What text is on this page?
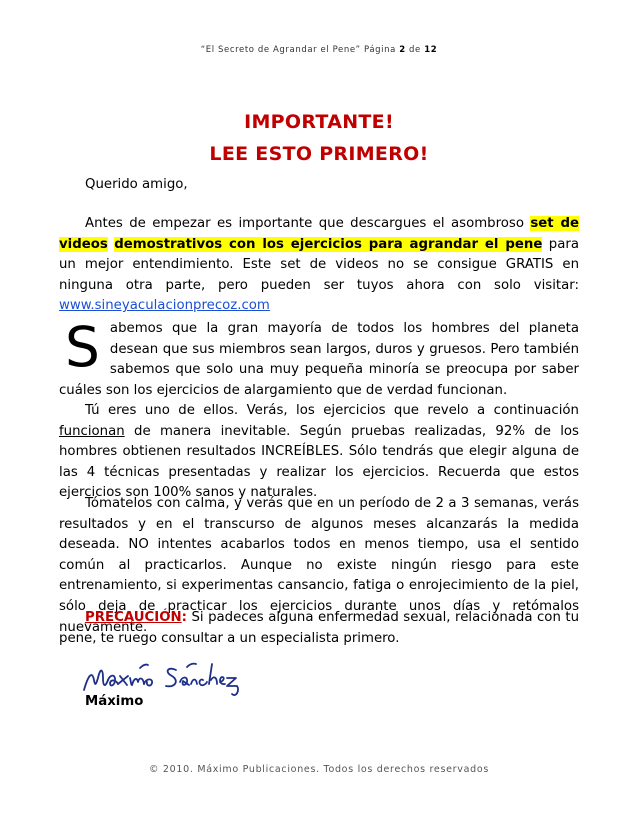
“El Secreto de Agrandar el Pene” Página 2 de 12
IMPORTANTE!
LEE ESTO PRIMERO!
Querido amigo,

Antes de empezar es importante que descargues el asombroso set de videos demostrativos con los ejercicios para agrandar el pene para un mejor entendimiento. Este set de videos no se consigue GRATIS en ninguna otra parte, pero pueden ser tuyos ahora con solo visitar: www.sineyaculacionprecoz.com

Sabemos que la gran mayoría de todos los hombres del planeta desean que sus miembros sean largos, duros y gruesos. Pero también sabemos que solo una muy pequeña minoría se preocupa por saber cuáles son los ejercicios de alargamiento que de verdad funcionan.

Tú eres uno de ellos. Verás, los ejercicios que revelo a continuación funcionan de manera inevitable. Según pruebas realizadas, 92% de los hombres obtienen resultados INCREÍBLES. Sólo tendrás que elegir alguna de las 4 técnicas presentadas y realizar los ejercicios. Recuerda que estos ejercicios son 100% sanos y naturales.

Tómatelos con calma, y verás que en un período de 2 a 3 semanas, verás resultados y en el transcurso de algunos meses alcanzarás la medida deseada. NO intentes acabarlos todos en menos tiempo, usa el sentido común al practicarlos. Aunque no existe ningún riesgo para este entrenamiento, si experimentas cansancio, fatiga o enrojecimiento de la piel, sólo deja de practicar los ejercicios durante unos días y retómalos nuevamente.

PRECAUCIÓN: Si padeces alguna enfermedad sexual, relacionada con tu pene, te ruego consultar a un especialista primero.

Máximo
© 2010. Máximo Publicaciones. Todos los derechos reservados
